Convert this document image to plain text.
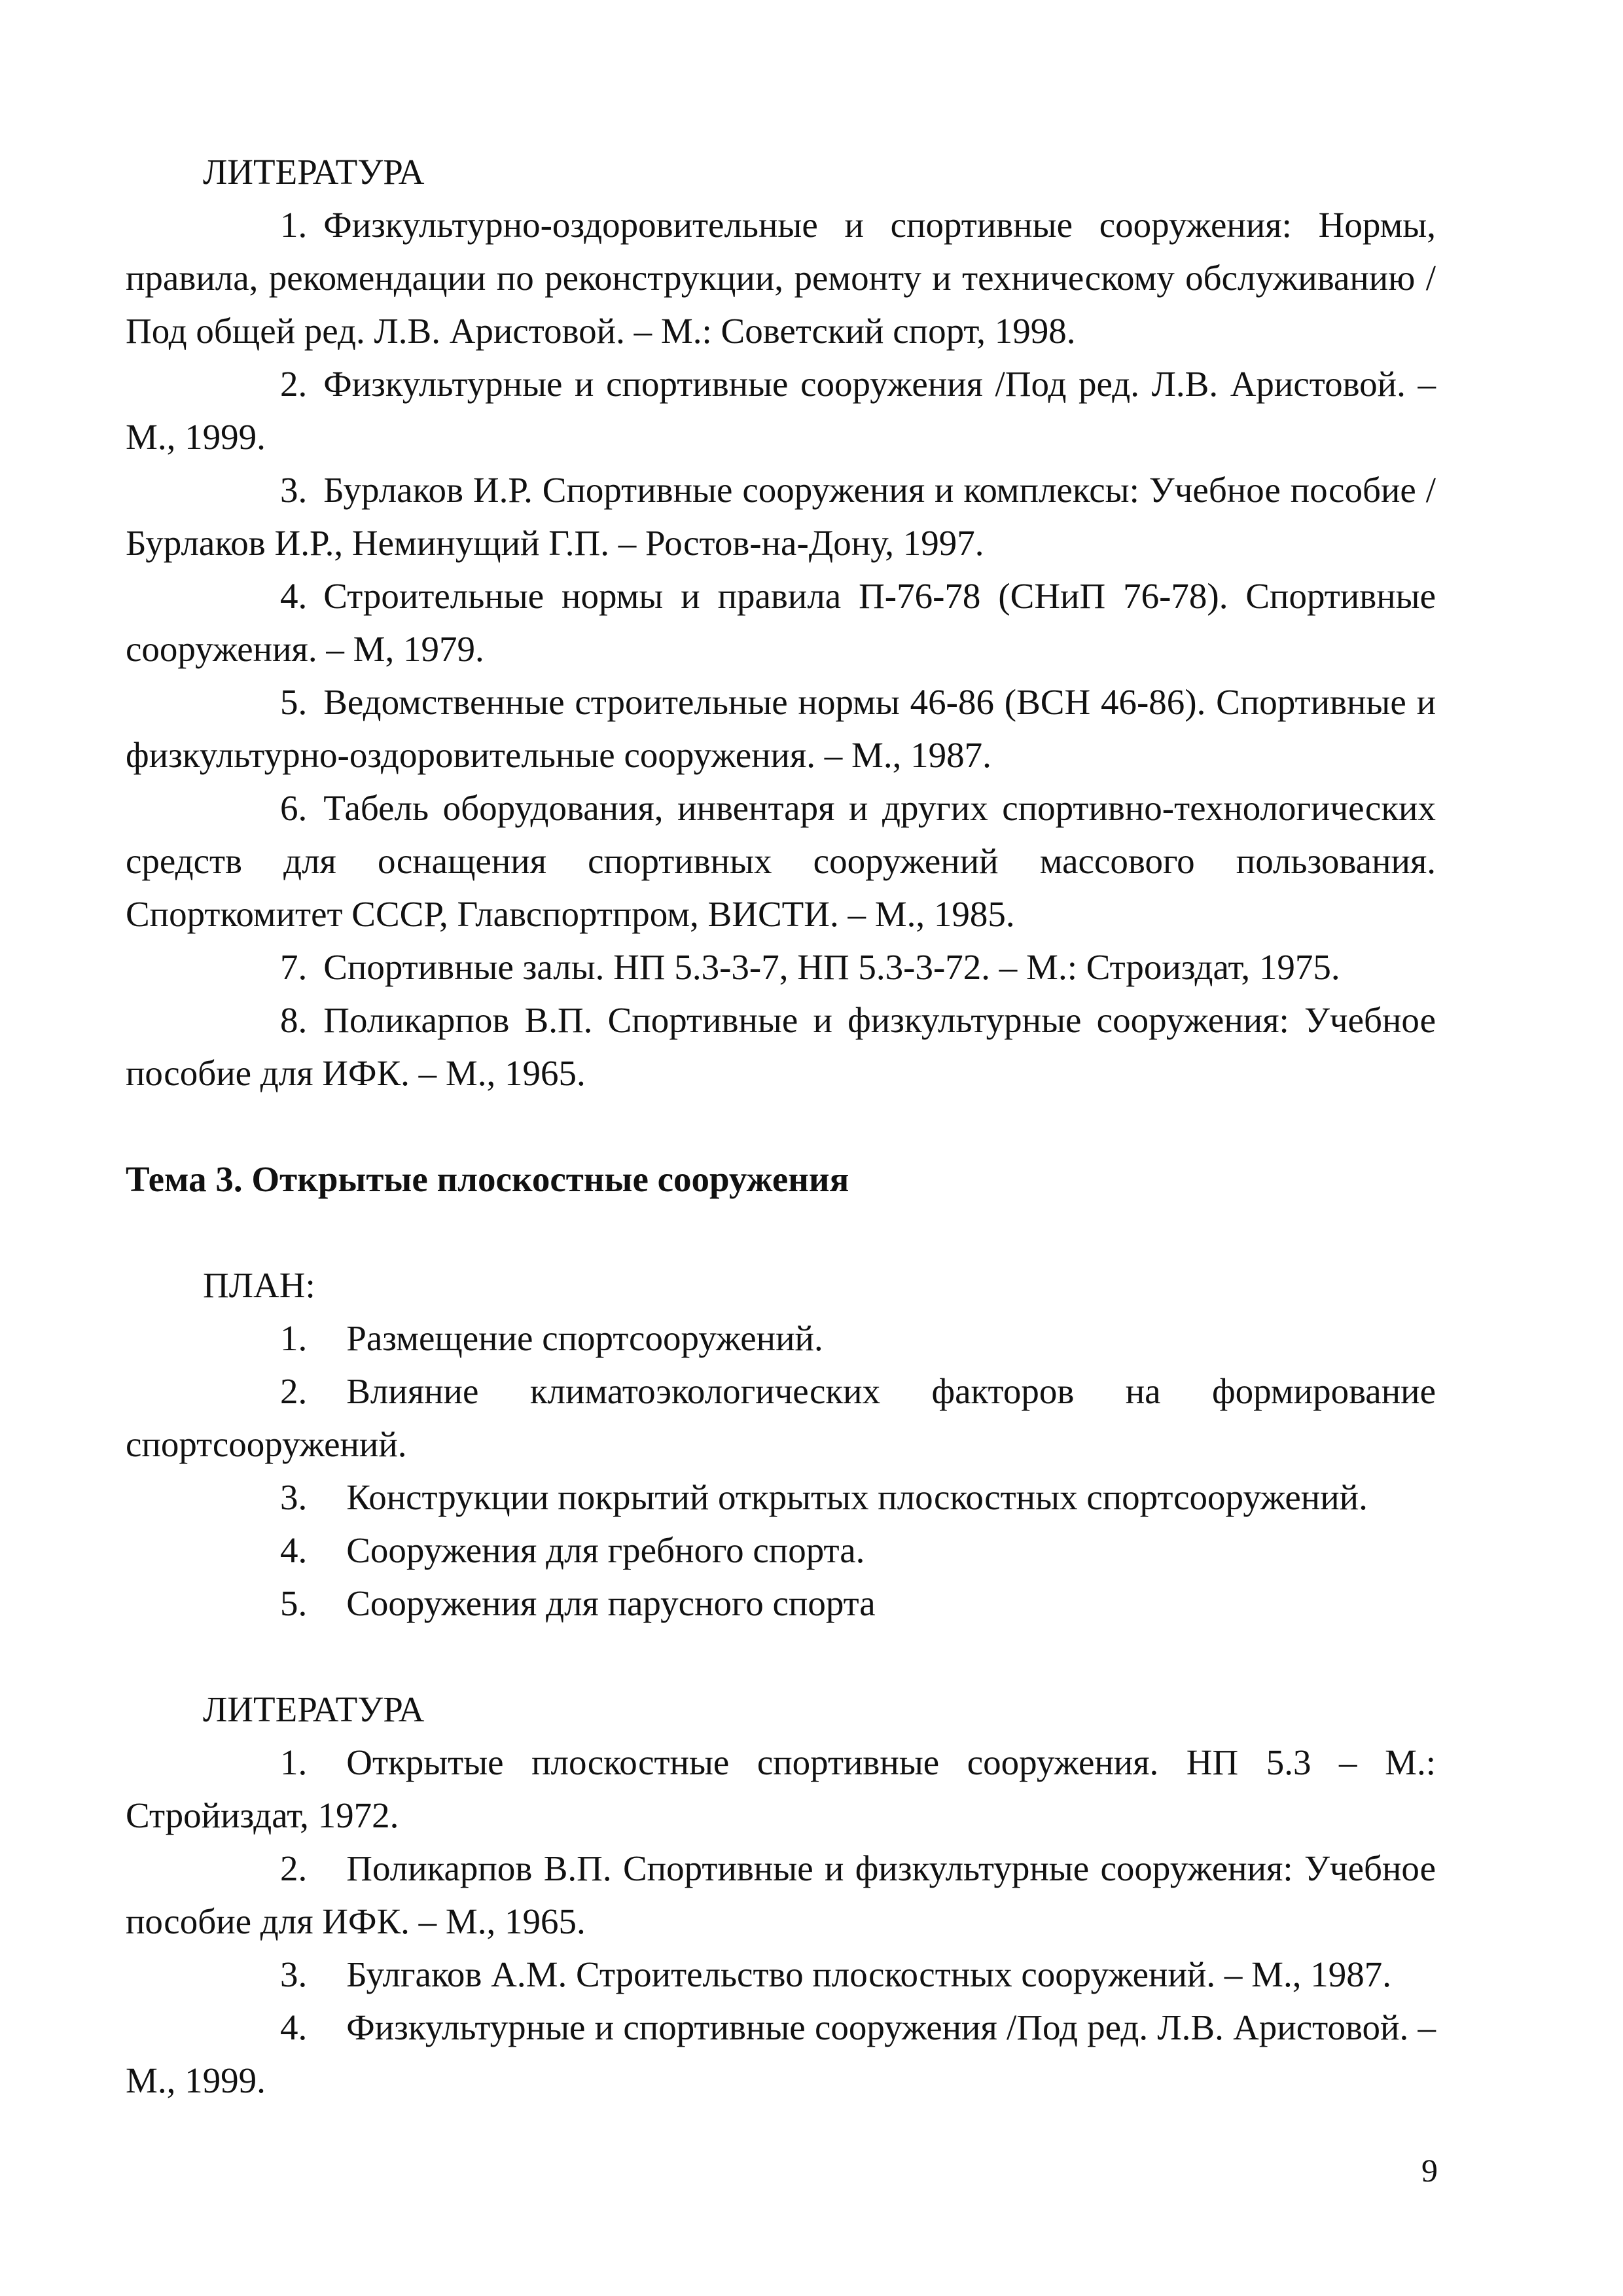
ЛИТЕРАТУРА

1. Физкультурно-оздоровительные и спортивные сооружения: Нормы, правила, рекомендации по реконструкции, ремонту и техническому обслуживанию /Под общей ред. Л.В. Аристовой. – М.: Советский спорт, 1998.

2. Физкультурные и спортивные сооружения /Под ред. Л.В. Аристовой. – М., 1999.

3. Бурлаков И.Р. Спортивные сооружения и комплексы: Учебное пособие /Бурлаков И.Р., Неминущий Г.П. – Ростов-на-Дону, 1997.

4. Строительные нормы и правила П-76-78 (СНиП 76-78). Спортивные сооружения. – М, 1979.

5. Ведомственные строительные нормы 46-86 (ВСН 46-86). Спортивные и физкультурно-оздоровительные сооружения. – М., 1987.

6. Табель оборудования, инвентаря и других спортивно-технологических средств для оснащения спортивных сооружений массового пользования. Спорткомитет СССР, Главспортпром, ВИСТИ. – М., 1985.

7. Спортивные залы. НП 5.3-3-7, НП 5.3-3-72. – М.: Строиздат, 1975.

8. Поликарпов В.П. Спортивные и физкультурные сооружения: Учебное пособие для ИФК. – М., 1965.

Тема 3. Открытые плоскостные сооружения

ПЛАН:

1. Размещение спортсооружений.

2. Влияние климатоэкологических факторов на формирование спортсооружений.

3. Конструкции покрытий открытых плоскостных спортсооружений.

4. Сооружения для гребного спорта.

5. Сооружения для парусного спорта

ЛИТЕРАТУРА

1. Открытые плоскостные спортивные сооружения. НП 5.3 – М.: Стройиздат, 1972.

2. Поликарпов В.П. Спортивные и физкультурные сооружения: Учебное пособие для ИФК. – М., 1965.

3. Булгаков А.М. Строительство плоскостных сооружений. – М., 1987.

4. Физкультурные и спортивные сооружения /Под ред. Л.В. Аристовой. – М., 1999.

9
